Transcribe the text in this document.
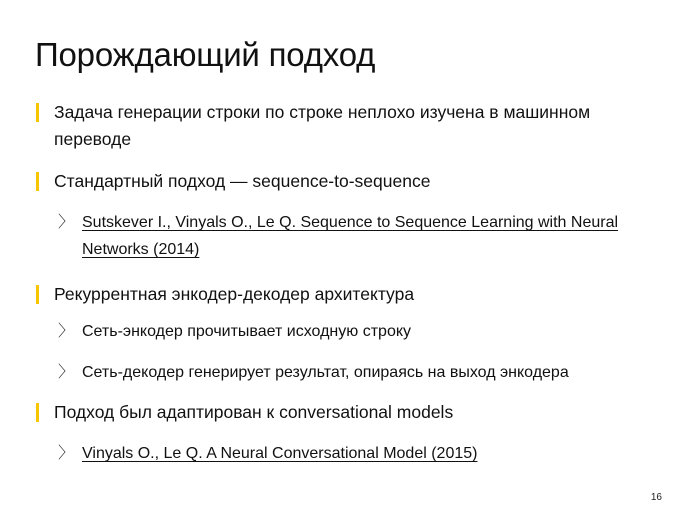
Порождающий подход
Задача генерации строки по строке неплохо изучена в машинном переводе
Стандартный подход — sequence-to-sequence
〉 Sutskever I., Vinyals O., Le Q. Sequence to Sequence Learning with Neural Networks (2014)
Рекуррентная энкодер-декодер архитектура
〉 Сеть-энкодер прочитывает исходную строку
〉 Сеть-декодер генерирует результат, опираясь на выход энкодера
Подход был адаптирован к conversational models
〉 Vinyals O., Le Q. A Neural Conversational Model (2015)
16
